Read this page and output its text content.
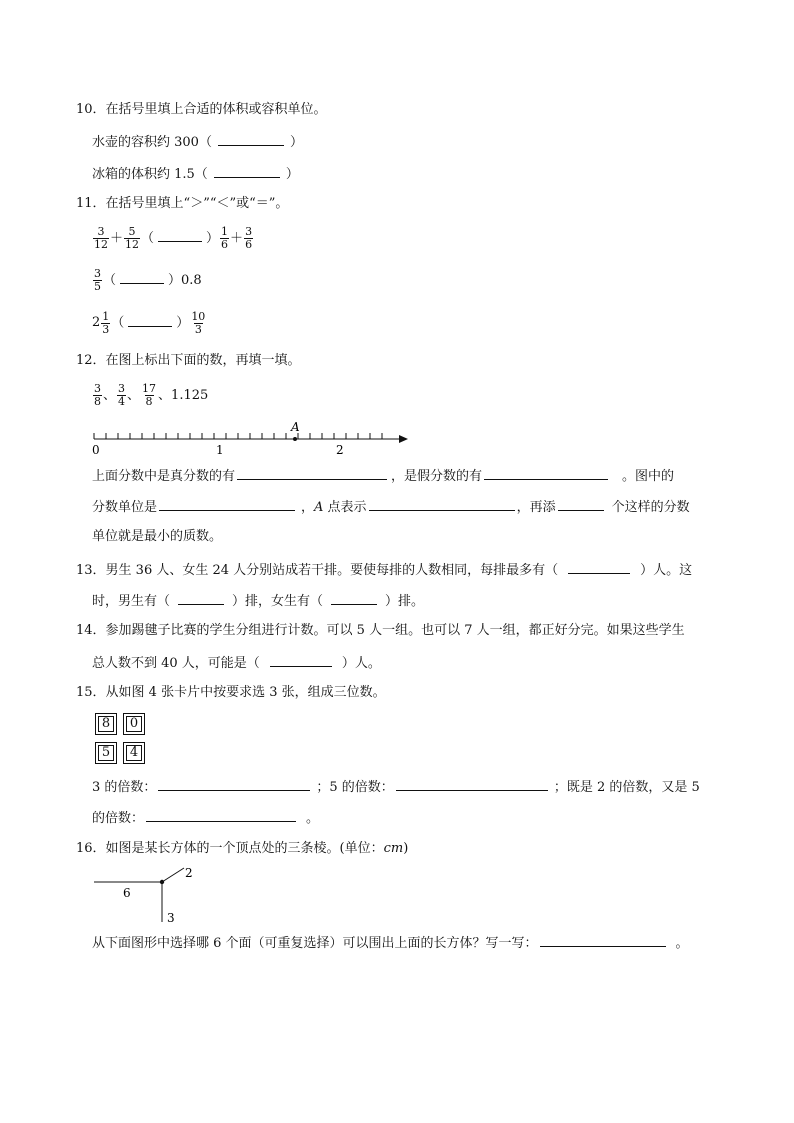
10．在括号里填上合适的体积或容积单位。
水壶的容积约 300（	）
冰箱的体积约 1.5（	）
11．在括号里填上“＞”“＜”或“＝”。
$\frac{3}{12} + \frac{5}{12}$ （	） $\frac{1}{6} + \frac{3}{6}$
$\frac{3}{5}$ （	）0.8
$2 \frac{1}{3}$ （	） $\frac{10}{3}$
12．在图上标出下面的数，再填一填。
$\frac{3}{8}$ 、 $\frac{3}{4}$ 、 $\frac{17}{8}$ 、1.125
A
0	1	2
上面分数中是真分数的有	，是假分数的有	。图中的
分数单位是	，A 点表示	，再添	个这样的分数
单位就是最小的质数。
13．男生 36 人、女生 24 人分别站成若干排。要使每排的人数相同，每排最多有（	）人。这
时，男生有（	）排，女生有（	）排。
14．参加踢毽子比赛的学生分组进行计数。可以 5 人一组。也可以 7 人一组，都正好分完。如果这些学生
总人数不到 40 人，可能是（	）人。
15．从如图 4 张卡片中按要求选 3 张，组成三位数。
8	0
5	4
3 的倍数：	；5 的倍数：	；既是 2 的倍数，又是 5
的倍数：	。
16．如图是某长方体的一个顶点处的三条棱。(单位：cm)
6
2
3
从下面图形中选择哪 6 个面（可重复选择）可以围出上面的长方体？写一写：	。
